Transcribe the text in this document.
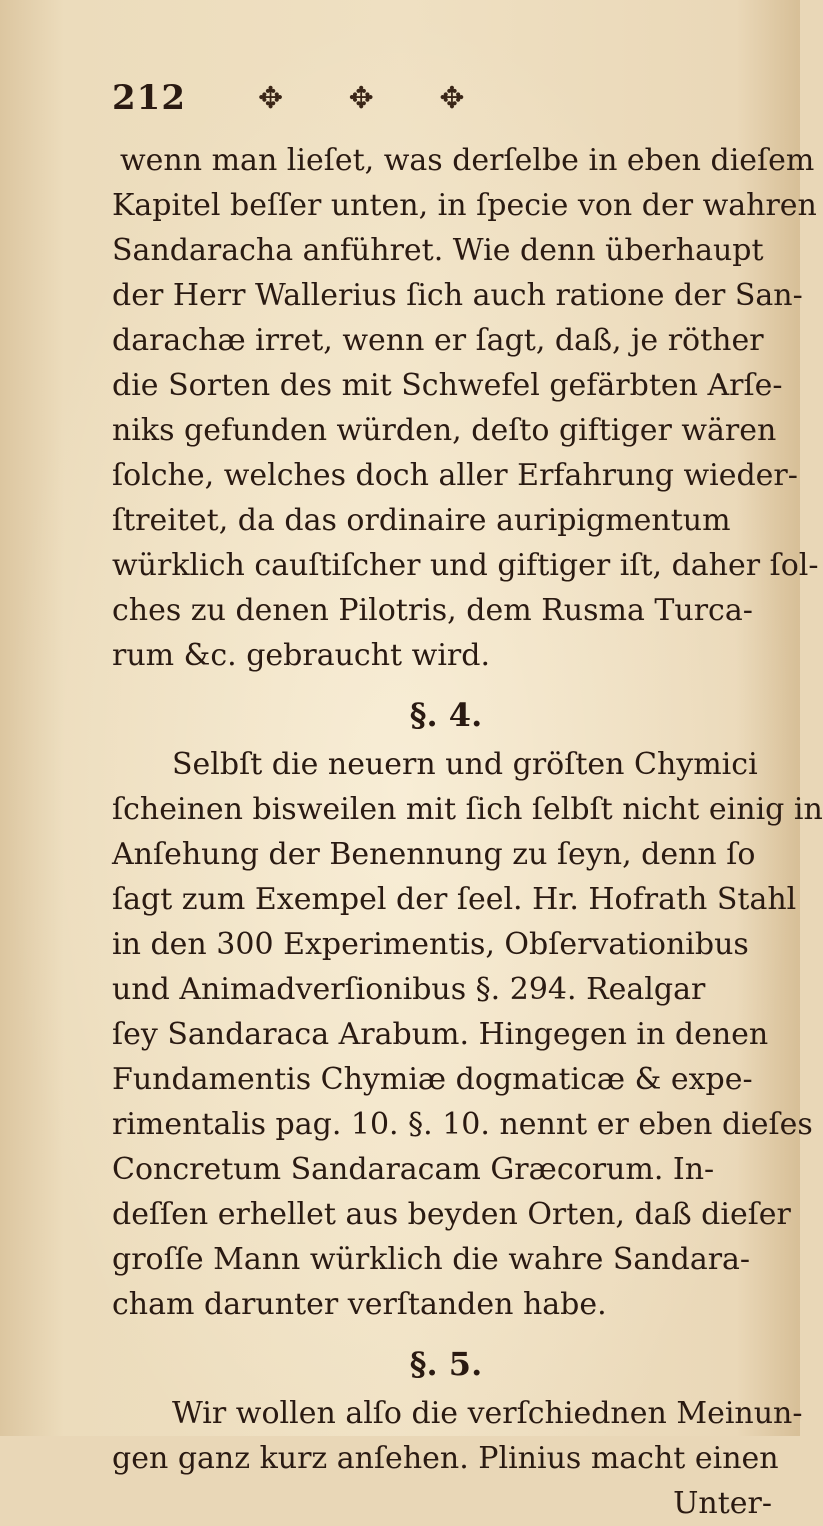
212 ✥ ✥ ✥
wenn man lieſet, was derſelbe in eben dieſem
Kapitel beſſer unten, in ſpecie von der wahren
Sandaracha anführet. Wie denn überhaupt
der Herr Wallerius ſich auch ratione der San-
darachæ irret, wenn er ſagt, daß, je röther
die Sorten des mit Schwefel gefärbten Arſe-
niks gefunden würden, deſto giftiger wären
ſolche, welches doch aller Erfahrung wieder-
ſtreitet, da das ordinaire auripigmentum
würklich cauſtiſcher und giftiger iſt, daher ſol-
ches zu denen Pilotris, dem Rusma Turca-
rum &c. gebraucht wird.
§. 4.
Selbſt die neuern und gröſten Chymici
ſcheinen bisweilen mit ſich ſelbſt nicht einig in
Anſehung der Benennung zu ſeyn, denn ſo
ſagt zum Exempel der ſeel. Hr. Hofrath Stahl
in den 300 Experimentis, Obſervationibus
und Animadverſionibus §. 294. Realgar
ſey Sandaraca Arabum. Hingegen in denen
Fundamentis Chymiæ dogmaticæ & expe-
rimentalis pag. 10. §. 10. nennt er eben dieſes
Concretum Sandaracam Græcorum. In-
deſſen erhellet aus beyden Orten, daß dieſer
groſſe Mann würklich die wahre Sandara-
cham darunter verſtanden habe.
§. 5.
Wir wollen alſo die verſchiednen Meinun-
gen ganz kurz anſehen. Plinius macht einen
Unter-
